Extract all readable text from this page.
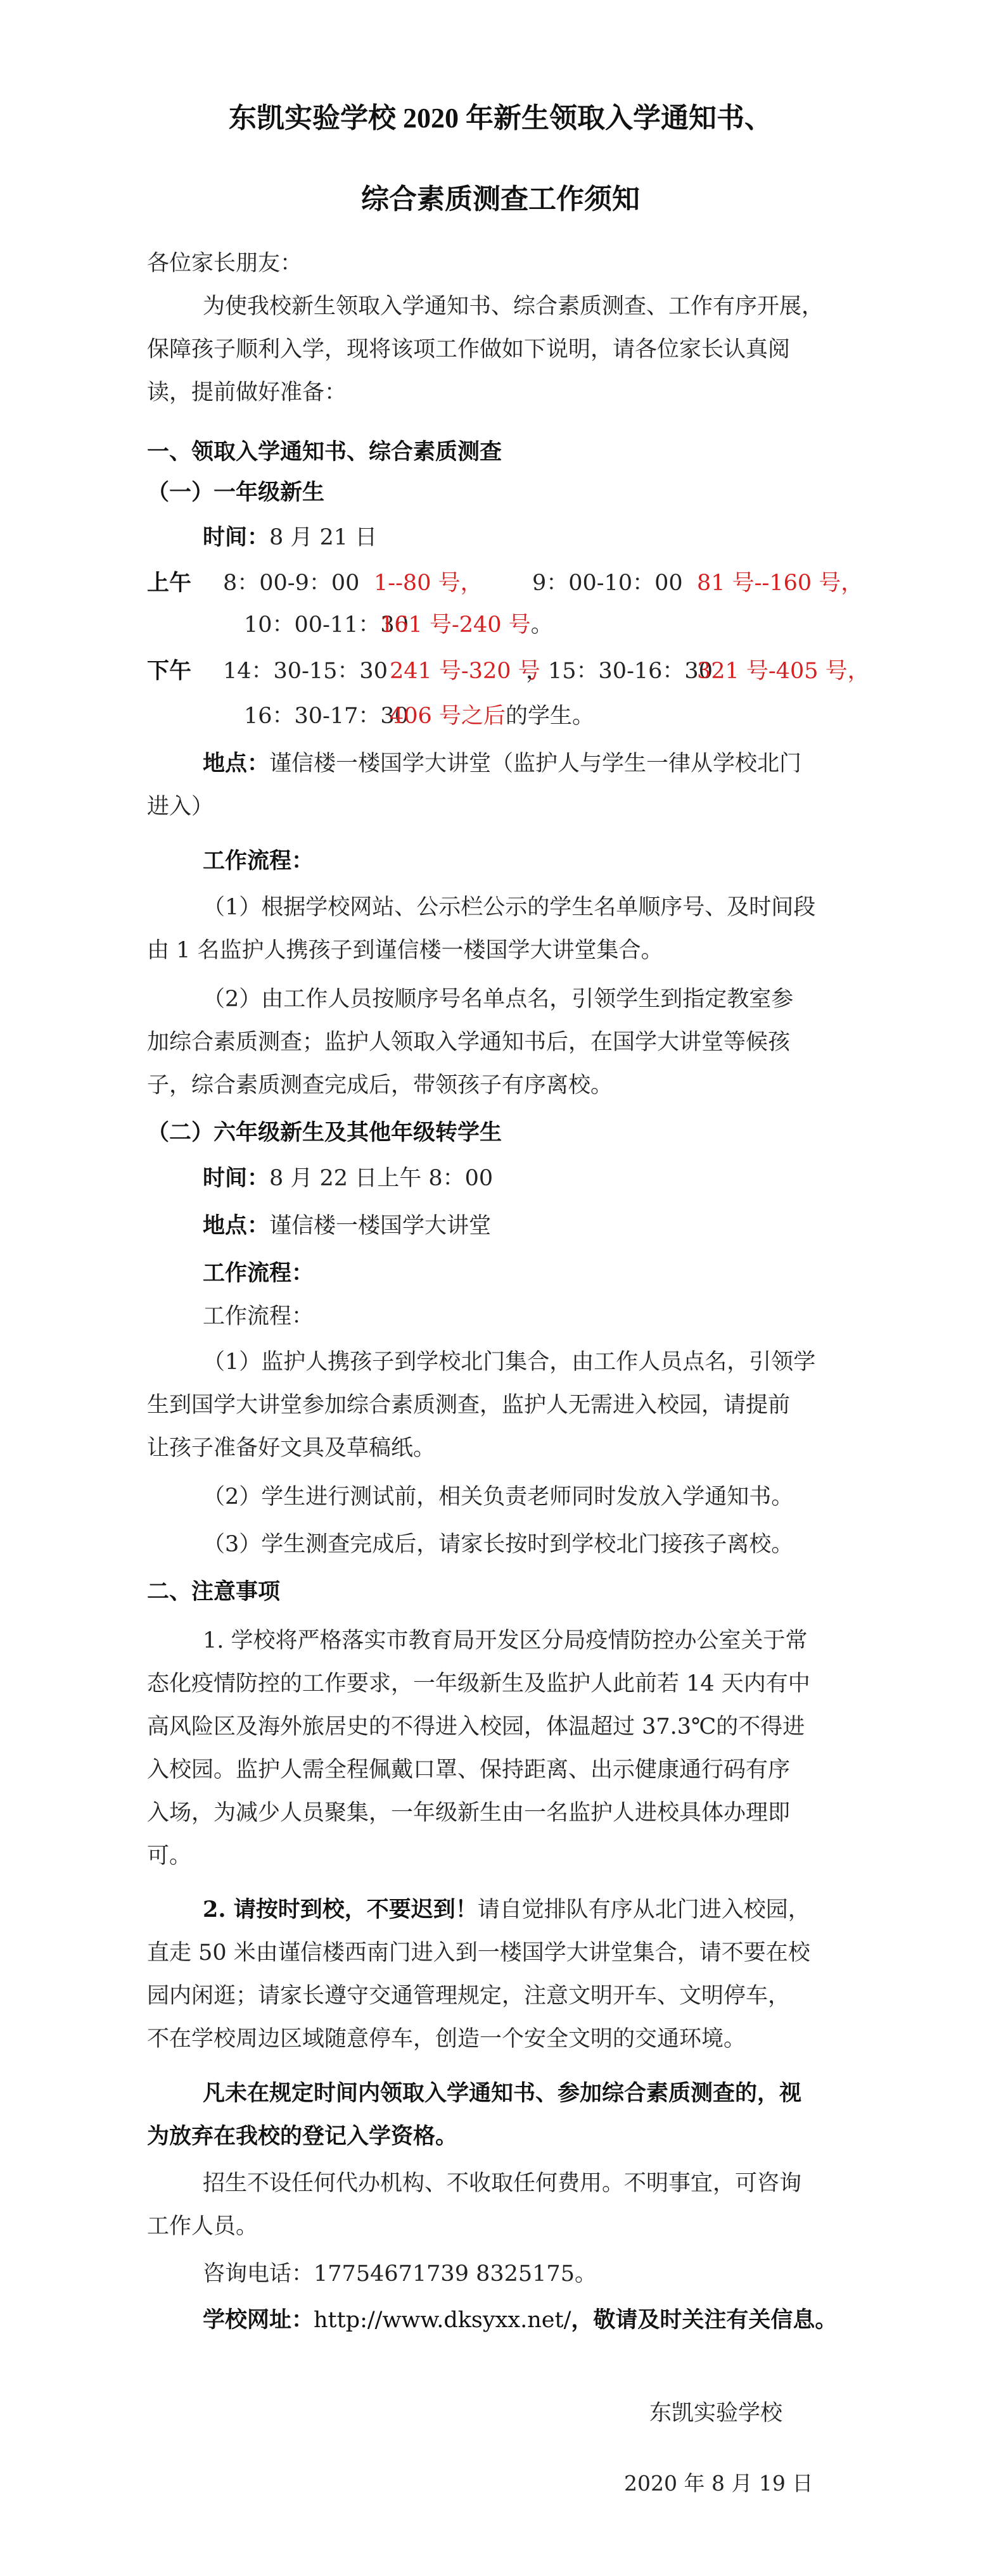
东凯实验学校 2020 年新生领取入学通知书、
综合素质测查工作须知
各位家长朋友：
为使我校新生领取入学通知书、综合素质测查、工作有序开展，
保障孩子顺利入学，现将该项工作做如下说明，请各位家长认真阅
读，提前做好准备：
一、领取入学通知书、综合素质测查
（一）一年级新生
时间：8 月 21 日
上午 8：00-9：00 1--80 号， 9：00-10：00 81 号--160 号，
10：00-11：30
161 号-240 号。
下午 14：30-15：30 241 号-320 号
，15：30-16：30
321 号-405 号，
16：30-17：30
406 号之后的学生。
地点：谨信楼一楼国学大讲堂（监护人与学生一律从学校北门
进入）
工作流程：
（1）根据学校网站、公示栏公示的学生名单顺序号、及时间段
由 1 名监护人携孩子到谨信楼一楼国学大讲堂集合。
（2）由工作人员按顺序号名单点名，引领学生到指定教室参
加综合素质测查；监护人领取入学通知书后，在国学大讲堂等候孩
子，综合素质测查完成后，带领孩子有序离校。
（二）六年级新生及其他年级转学生
时间：8 月 22 日上午 8：00
地点：谨信楼一楼国学大讲堂
工作流程：
工作流程：
（1）监护人携孩子到学校北门集合，由工作人员点名，引领学
生到国学大讲堂参加综合素质测查，监护人无需进入校园，请提前
让孩子准备好文具及草稿纸。
（2）学生进行测试前，相关负责老师同时发放入学通知书。
（3）学生测查完成后，请家长按时到学校北门接孩子离校。
二、注意事项
1. 学校将严格落实市教育局开发区分局疫情防控办公室关于常
态化疫情防控的工作要求，一年级新生及监护人此前若 14 天内有中
高风险区及海外旅居史的不得进入校园，体温超过 37.3℃的不得进
入校园。监护人需全程佩戴口罩、保持距离、出示健康通行码有序
入场，为减少人员聚集，一年级新生由一名监护人进校具体办理即
可。
2. 请按时到校，不要迟到！请自觉排队有序从北门进入校园，
直走 50 米由谨信楼西南门进入到一楼国学大讲堂集合，请不要在校
园内闲逛；请家长遵守交通管理规定，注意文明开车、文明停车，
不在学校周边区域随意停车，创造一个安全文明的交通环境。
凡未在规定时间内领取入学通知书、参加综合素质测查的，视
为放弃在我校的登记入学资格。
招生不设任何代办机构、不收取任何费用。不明事宜，可咨询
工作人员。
咨询电话：17754671739 8325175。
学校网址：http://www.dksyxx.net/，敬请及时关注有关信息。
东凯实验学校
2020 年 8 月 19 日
